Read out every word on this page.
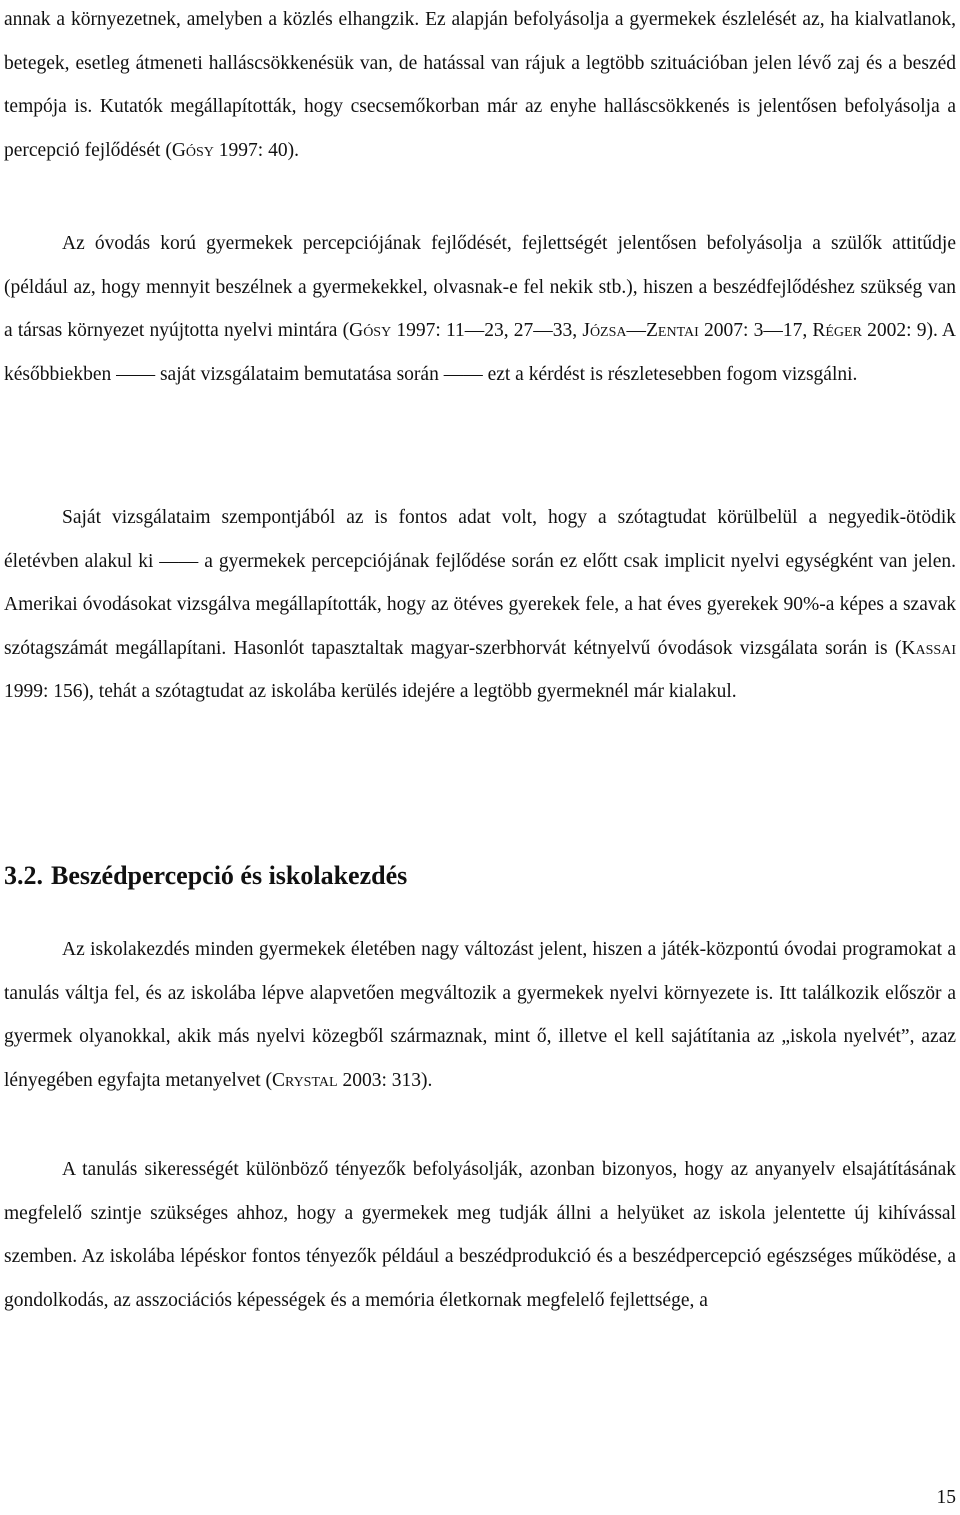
annak a környezetnek, amelyben a közlés elhangzik. Ez alapján befolyásolja a gyermekek észlelését az, ha kialvatlanok, betegek, esetleg átmeneti halláscsökkenésük van, de hatással van rájuk a legtöbb szituációban jelen lévő zaj és a beszéd tempója is. Kutatók megállapították, hogy csecsemőkorban már az enyhe halláscsökkenés is jelentősen befolyásolja a percepció fejlődését (Gósy 1997: 40).

Az óvodás korú gyermekek percepciójának fejlődését, fejlettségét jelentősen befolyásolja a szülők attitűdje (például az, hogy mennyit beszélnek a gyermekekkel, olvasnak-e fel nekik stb.), hiszen a beszédfejlődéshez szükség van a társas környezet nyújtotta nyelvi mintára (Gósy 1997: 11―23, 27―33, Józsa―Zentai 2007: 3―17, Réger 2002: 9). A későbbiekben ―― saját vizsgálataim bemutatása során ―― ezt a kérdést is részletesebben fogom vizsgálni.

Saját vizsgálataim szempontjából az is fontos adat volt, hogy a szótagtudat körülbelül a negyedik-ötödik életévben alakul ki ―― a gyermekek percepciójának fejlődése során ez előtt csak implicit nyelvi egységként van jelen. Amerikai óvodásokat vizsgálva megállapították, hogy az ötéves gyerekek fele, a hat éves gyerekek 90%-a képes a szavak szótagszámát megállapítani. Hasonlót tapasztaltak magyar-szerbhorvát kétnyelvű óvodások vizsgálata során is (Kassai 1999: 156), tehát a szótagtudat az iskolába kerülés idejére a legtöbb gyermeknél már kialakul.

3.2. Beszédpercepció és iskolakezdés

Az iskolakezdés minden gyermekek életében nagy változást jelent, hiszen a játék-központú óvodai programokat a tanulás váltja fel, és az iskolába lépve alapvetően megváltozik a gyermekek nyelvi környezete is. Itt találkozik először a gyermek olyanokkal, akik más nyelvi közegből származnak, mint ő, illetve el kell sajátítania az „iskola nyelvét”, azaz lényegében egyfajta metanyelvet (Crystal 2003: 313).

A tanulás sikerességét különböző tényezők befolyásolják, azonban bizonyos, hogy az anyanyelv elsajátításának megfelelő szintje szükséges ahhoz, hogy a gyermekek meg tudják állni a helyüket az iskola jelentette új kihívással szemben. Az iskolába lépéskor fontos tényezők például a beszédprodukció és a beszédpercepció egészséges működése, a gondolkodás, az asszociációs képességek és a memória életkornak megfelelő fejlettsége, a

15
